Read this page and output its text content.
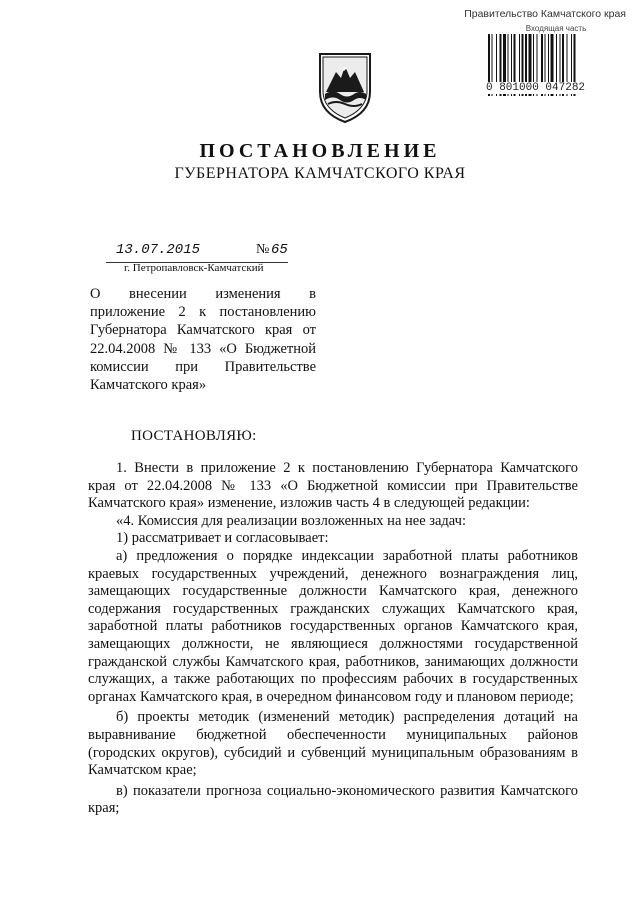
Правительство Камчатского края
Входящая часть
0 801000 047282
ПОСТАНОВЛЕНИЕ
ГУБЕРНАТОРА КАМЧАТСКОГО КРАЯ
13.07.2015	№ 65
г. Петропавловск-Камчатский
О внесении изменения в приложение 2 к постановлению Губернатора Камчатского края от 22.04.2008 № 133 «О Бюджетной комиссии при Правительстве Камчатского края»
ПОСТАНОВЛЯЮ:

1. Внести в приложение 2 к постановлению Губернатора Камчатского края от 22.04.2008 № 133 «О Бюджетной комиссии при Правительстве Камчатского края» изменение, изложив часть 4 в следующей редакции:

«4. Комиссия для реализации возложенных на нее задач:

1) рассматривает и согласовывает:

а) предложения о порядке индексации заработной платы работников краевых государственных учреждений, денежного вознаграждения лиц, замещающих государственные должности Камчатского края, денежного содержания государственных гражданских служащих Камчатского края, заработной платы работников государственных органов Камчатского края, замещающих должности, не являющиеся должностями государственной гражданской службы Камчатского края, работников, занимающих должности служащих, а также работающих по профессиям рабочих в государственных органах Камчатского края, в очередном финансовом году и плановом периоде;

б) проекты методик (изменений методик) распределения дотаций на выравнивание бюджетной обеспеченности муниципальных районов (городских округов), субсидий и субвенций муниципальным образованиям в Камчатском крае;

в) показатели прогноза социально-экономического развития Камчатского края;
